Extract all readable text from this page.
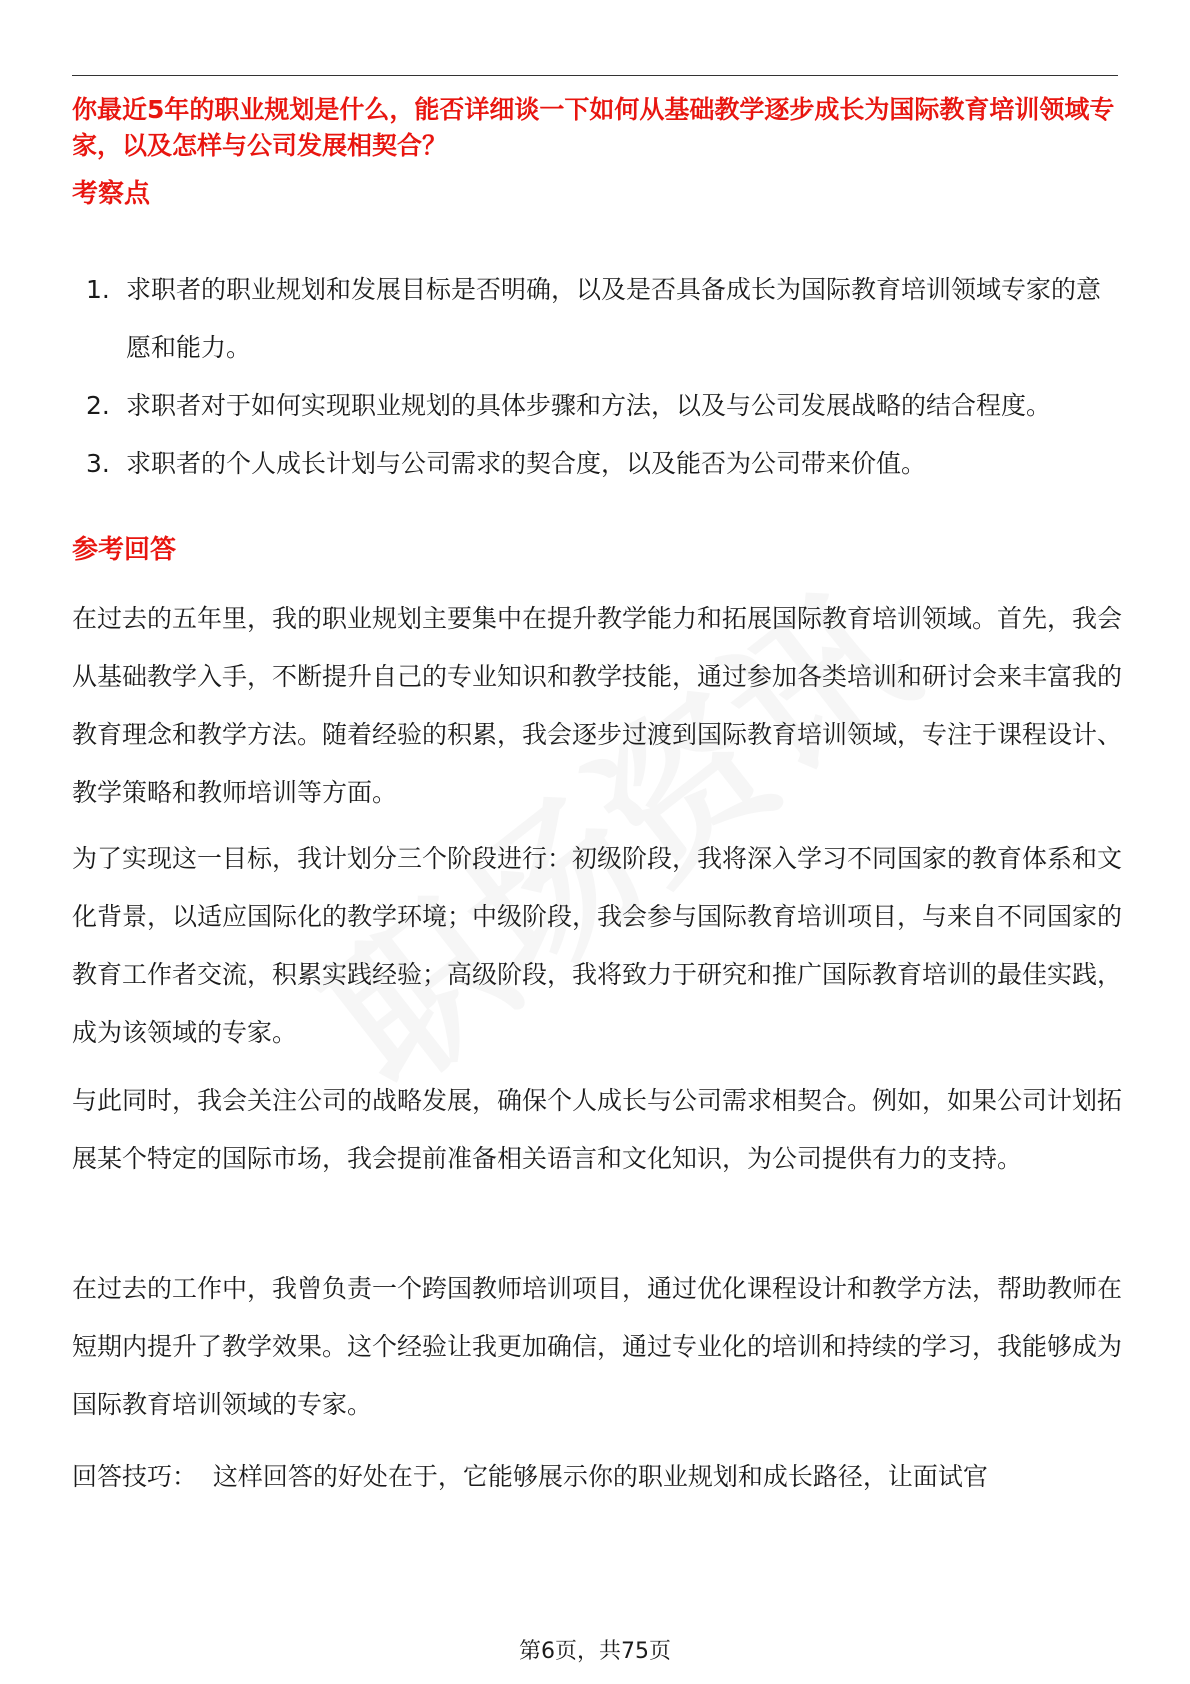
你最近5年的职业规划是什么，能否详细谈一下如何从基础教学逐步成长为国际教育培训领域专家，以及怎样与公司发展相契合？

考察点
1. 求职者的职业规划和发展目标是否明确，以及是否具备成长为国际教育培训领域专家的意愿和能力。
2. 求职者对于如何实现职业规划的具体步骤和方法，以及与公司发展战略的结合程度。
3. 求职者的个人成长计划与公司需求的契合度，以及能否为公司带来价值。
参考回答

在过去的五年里，我的职业规划主要集中在提升教学能力和拓展国际教育培训领域。首先，我会从基础教学入手，不断提升自己的专业知识和教学技能，通过参加各类培训和研讨会来丰富我的教育理念和教学方法。随着经验的积累，我会逐步过渡到国际教育培训领域，专注于课程设计、教学策略和教师培训等方面。

为了实现这一目标，我计划分三个阶段进行：初级阶段，我将深入学习不同国家的教育体系和文化背景，以适应国际化的教学环境；中级阶段，我会参与国际教育培训项目，与来自不同国家的教育工作者交流，积累实践经验；高级阶段，我将致力于研究和推广国际教育培训的最佳实践，成为该领域的专家。

与此同时，我会关注公司的战略发展，确保个人成长与公司需求相契合。例如，如果公司计划拓展某个特定的国际市场，我会提前准备相关语言和文化知识，为公司提供有力的支持。

在过去的工作中，我曾负责一个跨国教师培训项目，通过优化课程设计和教学方法，帮助教师在短期内提升了教学效果。这个经验让我更加确信，通过专业化的培训和持续的学习，我能够成为国际教育培训领域的专家。

回答技巧：  这样回答的好处在于，它能够展示你的职业规划和成长路径，让面试官

第6页，共75页
